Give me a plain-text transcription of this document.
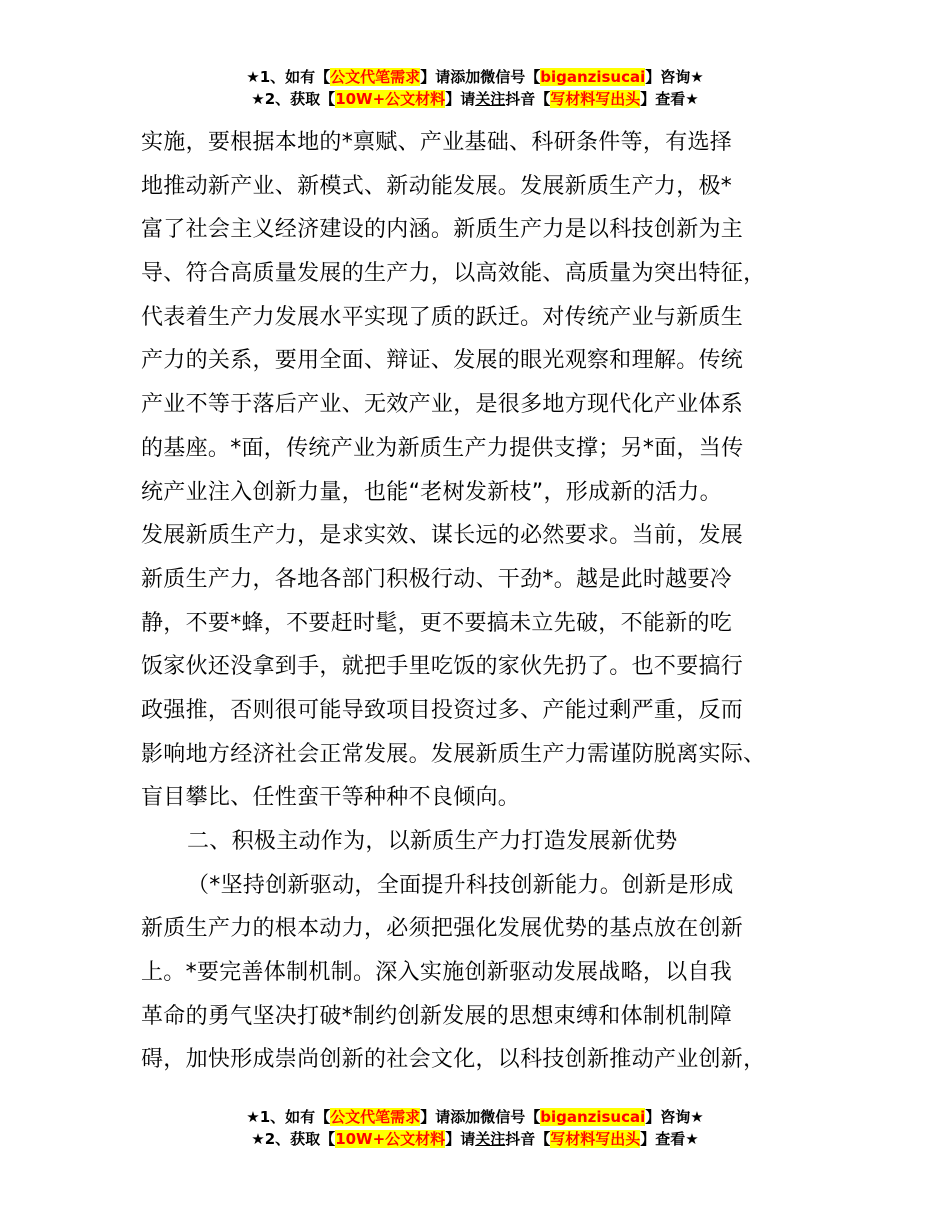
★1、如有【公文代笔需求】请添加微信号【biganzisucai】咨询★
★2、获取【10W+公文材料】请关注抖音【写材料写出头】查看★
实施，要根据本地的*禀赋、产业基础、科研条件等，有选择
地推动新产业、新模式、新动能发展。发展新质生产力，极*
富了社会主义经济建设的内涵。新质生产力是以科技创新为主
导、符合高质量发展的生产力，以高效能、高质量为突出特征，
代表着生产力发展水平实现了质的跃迁。对传统产业与新质生
产力的关系，要用全面、辩证、发展的眼光观察和理解。传统
产业不等于落后产业、无效产业，是很多地方现代化产业体系
的基座。*面，传统产业为新质生产力提供支撑；另*面，当传
统产业注入创新力量，也能“老树发新枝”，形成新的活力。
发展新质生产力，是求实效、谋长远的必然要求。当前，发展
新质生产力，各地各部门积极行动、干劲*。越是此时越要冷
静，不要*蜂，不要赶时髦，更不要搞未立先破，不能新的吃
饭家伙还没拿到手，就把手里吃饭的家伙先扔了。也不要搞行
政强推，否则很可能导致项目投资过多、产能过剩严重，反而
影响地方经济社会正常发展。发展新质生产力需谨防脱离实际、
盲目攀比、任性蛮干等种种不良倾向。
二、积极主动作为，以新质生产力打造发展新优势
（*坚持创新驱动，全面提升科技创新能力。创新是形成
新质生产力的根本动力，必须把强化发展优势的基点放在创新
上。*要完善体制机制。深入实施创新驱动发展战略，以自我
革命的勇气坚决打破*制约创新发展的思想束缚和体制机制障
碍，加快形成崇尚创新的社会文化，以科技创新推动产业创新，
★1、如有【公文代笔需求】请添加微信号【biganzisucai】咨询★
★2、获取【10W+公文材料】请关注抖音【写材料写出头】查看★
